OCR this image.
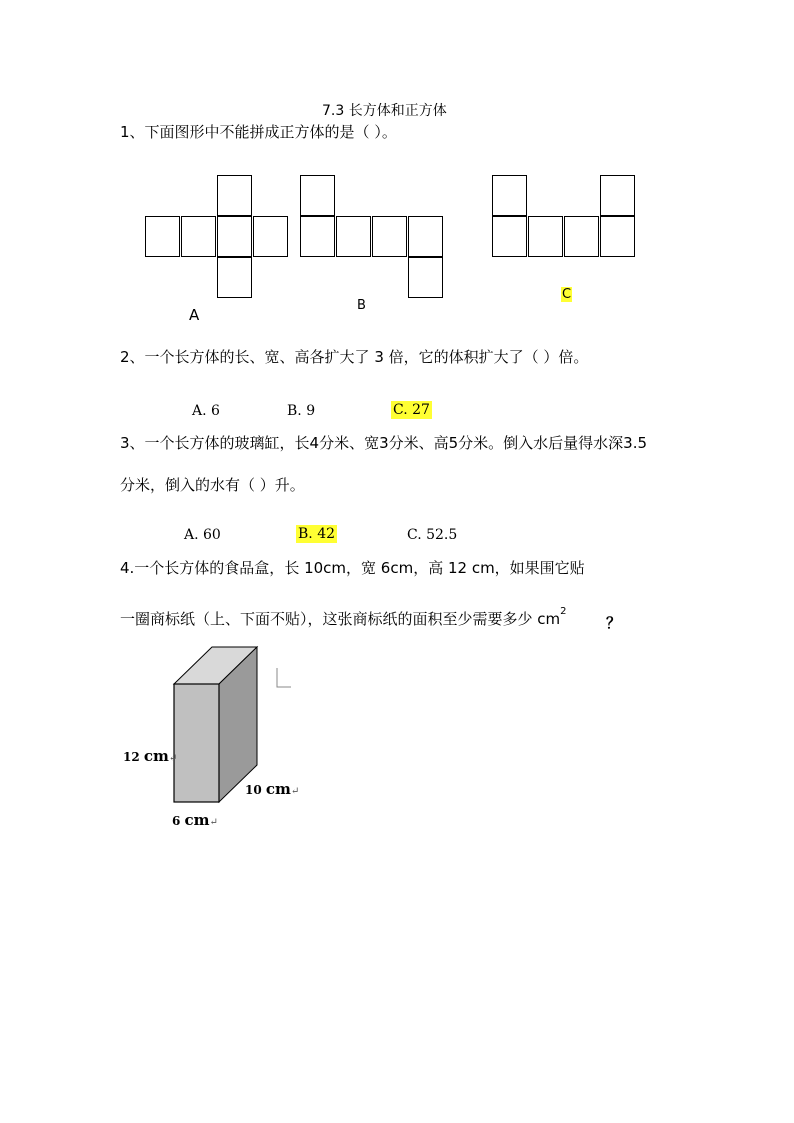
7.3 长方体和正方体
1、下面图形中不能拼成正方体的是（ ）。
A
B
C
2、一个长方体的长、宽、高各扩大了 3 倍，它的体积扩大了（ ）倍。
A. 6	B. 9	C. 27
3、一个长方体的玻璃缸，长4分米、宽3分米、高5分米。倒入水后量得水深3.5
分米，倒入的水有（ ）升。
A. 60	B. 42	C. 52.5
4.一个长方体的食品盒，长 10cm，宽 6cm，高 12 cm，如果围它贴
一圈商标纸（上、下面不贴），这张商标纸的面积至少需要多少 $cm^2$
？
12 cm↵
10 cm↵
6 cm↵
